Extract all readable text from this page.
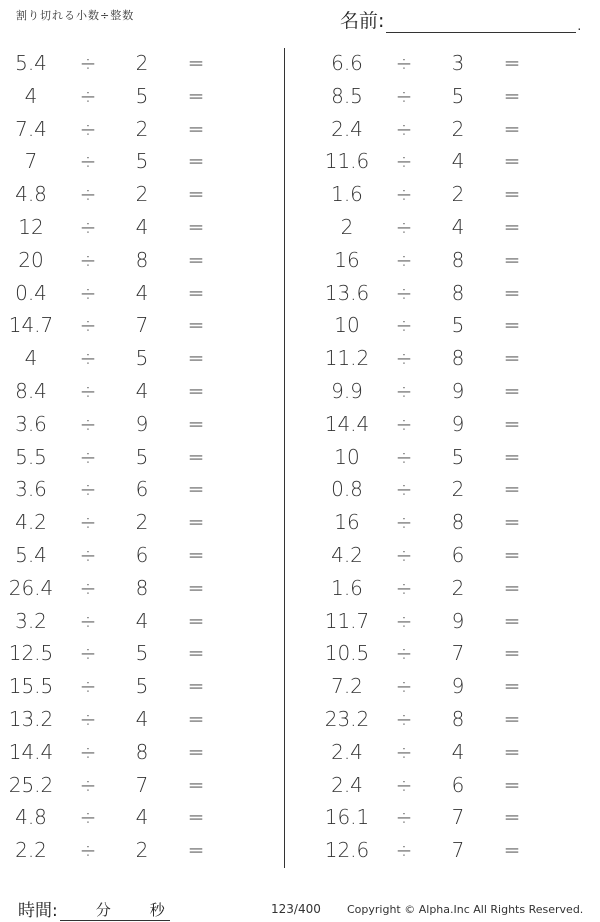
割り切れる小数÷整数	名前:	.
5.4	÷ 2 =
4	÷ 5 =
7.4	÷ 2 =
7	÷ 5 =
4.8	÷ 2 =
12	÷ 4 =
20	÷ 8 =
0.4	÷ 4 =
14.7	÷ 7 =
4	÷ 5 =
8.4	÷ 4 =
3.6	÷ 9 =
5.5	÷ 5 =
3.6	÷ 6 =
4.2	÷ 2 =
5.4	÷ 6 =
26.4	÷ 8 =
3.2	÷ 4 =
12.5	÷ 5 =
15.5	÷ 5 =
13.2	÷ 4 =
14.4	÷ 8 =
25.2	÷ 7 =
4.8	÷ 4 =
2.2	÷ 2 =
6.6	÷ 3 =
8.5	÷ 5 =
2.4	÷ 2 =
11.6	÷ 4 =
1.6	÷ 2 =
2	÷ 4 =
16	÷ 8 =
13.6	÷ 8 =
10	÷ 5 =
11.2	÷ 8 =
9.9	÷ 9 =
14.4	÷ 9 =
10	÷ 5 =
0.8	÷ 2 =
16	÷ 8 =
4.2	÷ 6 =
1.6	÷ 2 =
11.7	÷ 9 =
10.5	÷ 7 =
7.2	÷ 9 =
23.2	÷ 8 =
2.4	÷ 4 =
2.4	÷ 6 =
16.1	÷ 7 =
12.6	÷ 7 =
時間:	分	秒	123/400 Copyright © Alpha.Inc All Rights Reserved.
